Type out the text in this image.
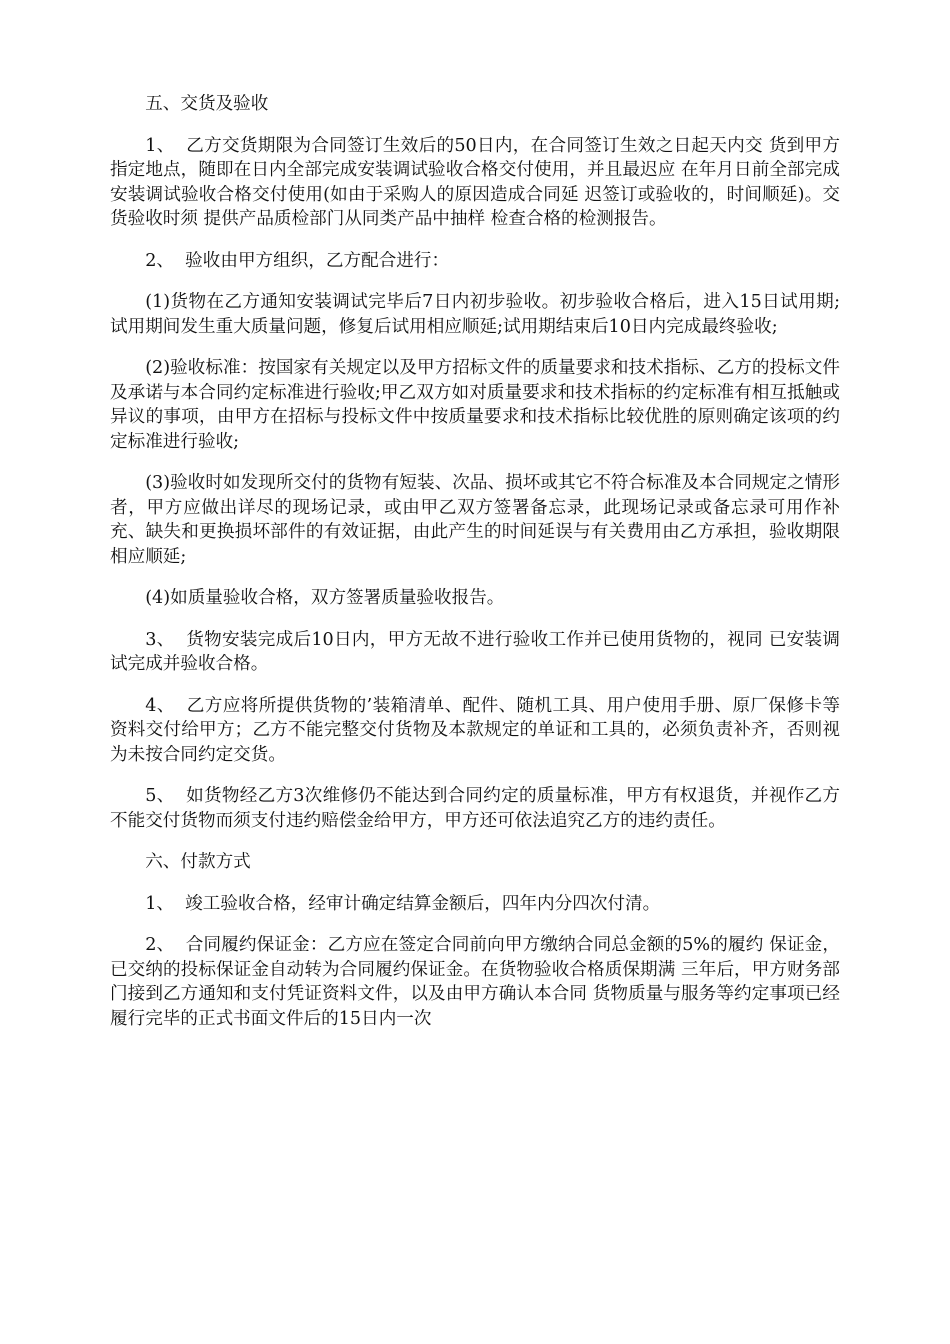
五、交货及验收

1、  乙方交货期限为合同签订生效后的50日内，在合同签订生效之日起天内交 货到甲方指定地点，随即在日内全部完成安装调试验收合格交付使用，并且最迟应 在年月日前全部完成安装调试验收合格交付使用(如由于采购人的原因造成合同延 迟签订或验收的，时间顺延)。交货验收时须 提供产品质检部门从同类产品中抽样 检查合格的检测报告。

2、  验收由甲方组织，乙方配合进行：

(1)货物在乙方通知安装调试完毕后7日内初步验收。初步验收合格后，进入15日试用期;试用期间发生重大质量问题，修复后试用相应顺延;试用期结束后10日内完成最终验收;

(2)验收标准：按国家有关规定以及甲方招标文件的质量要求和技术指标、乙方的投标文件及承诺与本合同约定标准进行验收;甲乙双方如对质量要求和技术指标的约定标准有相互抵触或异议的事项，由甲方在招标与投标文件中按质量要求和技术指标比较优胜的原则确定该项的约定标准进行验收;

(3)验收时如发现所交付的货物有短装、次品、损坏或其它不符合标准及本合同规定之情形者，甲方应做出详尽的现场记录，或由甲乙双方签署备忘录，此现场记录或备忘录可用作补充、缺失和更换损坏部件的有效证据，由此产生的时间延误与有关费用由乙方承担，验收期限相应顺延;

(4)如质量验收合格，双方签署质量验收报告。

3、  货物安装完成后10日内，甲方无故不进行验收工作并已使用货物的，视同 已安装调试完成并验收合格。

4、  乙方应将所提供货物的’装箱清单、配件、随机工具、用户使用手册、原厂保修卡等资料交付给甲方；乙方不能完整交付货物及本款规定的单证和工具的，必须负责补齐，否则视为未按合同约定交货。

5、  如货物经乙方3次维修仍不能达到合同约定的质量标准，甲方有权退货，并视作乙方不能交付货物而须支付违约赔偿金给甲方，甲方还可依法追究乙方的违约责任。

六、付款方式

1、  竣工验收合格，经审计确定结算金额后，四年内分四次付清。

2、  合同履约保证金：乙方应在签定合同前向甲方缴纳合同总金额的5%的履约 保证金，已交纳的投标保证金自动转为合同履约保证金。在货物验收合格质保期满 三年后，甲方财务部门接到乙方通知和支付凭证资料文件，以及由甲方确认本合同 货物质量与服务等约定事项已经履行完毕的正式书面文件后的15日内一次
